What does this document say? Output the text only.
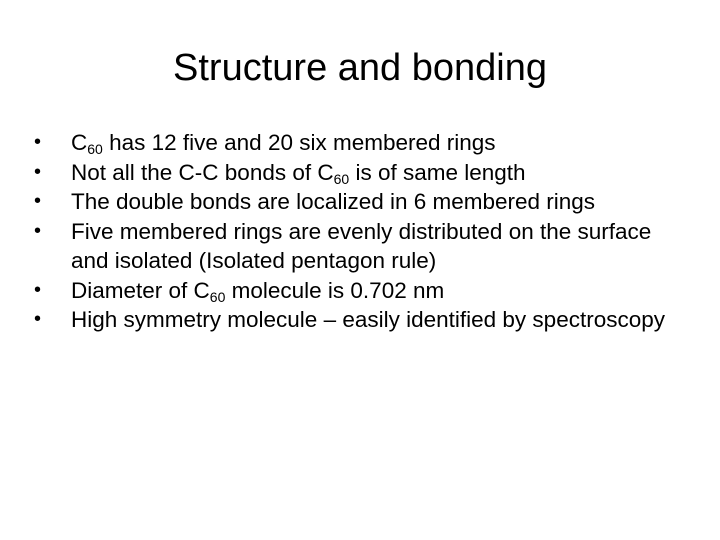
Structure and bonding
•	$C_{60}$ has 12 five and 20 six membered rings
•	Not all the C-C bonds of $C_{60}$ is of same length
•	The double bonds are localized in 6 membered rings
•	Five membered rings are evenly distributed on the surface and isolated (Isolated pentagon rule)
•	Diameter of $C_{60}$ molecule is 0.702 nm
•	High symmetry molecule – easily identified by spectroscopy
